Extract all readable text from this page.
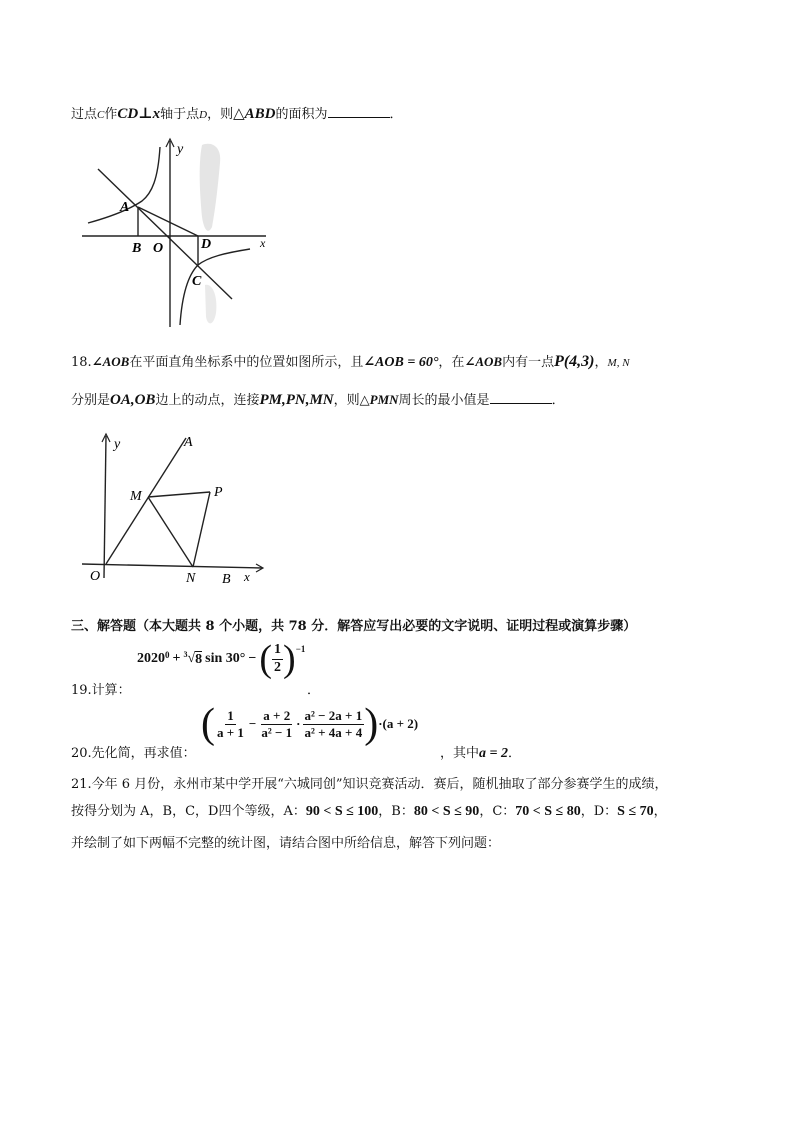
过点C作CD⊥x轴于点D，则△ABD的面积为	．
y
A
B O	D
C
x
18.∠AOB在平面直角坐标系中的位置如图所示，且∠AOB = 60°，在∠AOB内有一点P(4,3)，M, N
分别是OA,OB边上的动点，连接PM,PN,MN，则△PMN周长的最小值是	．
y	A
M	P
O	N B x
三、解答题（本大题共 8 个小题，共 78 分．解答应写出必要的文字说明、证明过程或演算步骤）
19.计算：
$2020^0 + ^3$ √ 8 sin 30° − ( $\frac{1}{2} )^{-1}$
．
20.先化简，再求值：
( $\frac{1}{a + 1} - \frac{a + 2}{\text{a² − 1}} \cdot \frac{\text{a² − 2a + 1}}{\text{a² + 4a + 4}}$ ) ·(a + 2)
，其中a = 2．
21.今年 6 月份，永州市某中学开展“六城同创”知识竞赛活动．赛后，随机抽取了部分参赛学生的成绩，
按得分划为 A，B，C，D四个等级，A：90 < S ≤ 100，B：80 < S ≤ 90，C：70 < S ≤ 80，D：S ≤ 70，
并绘制了如下两幅不完整的统计图，请结合图中所给信息，解答下列问题：
